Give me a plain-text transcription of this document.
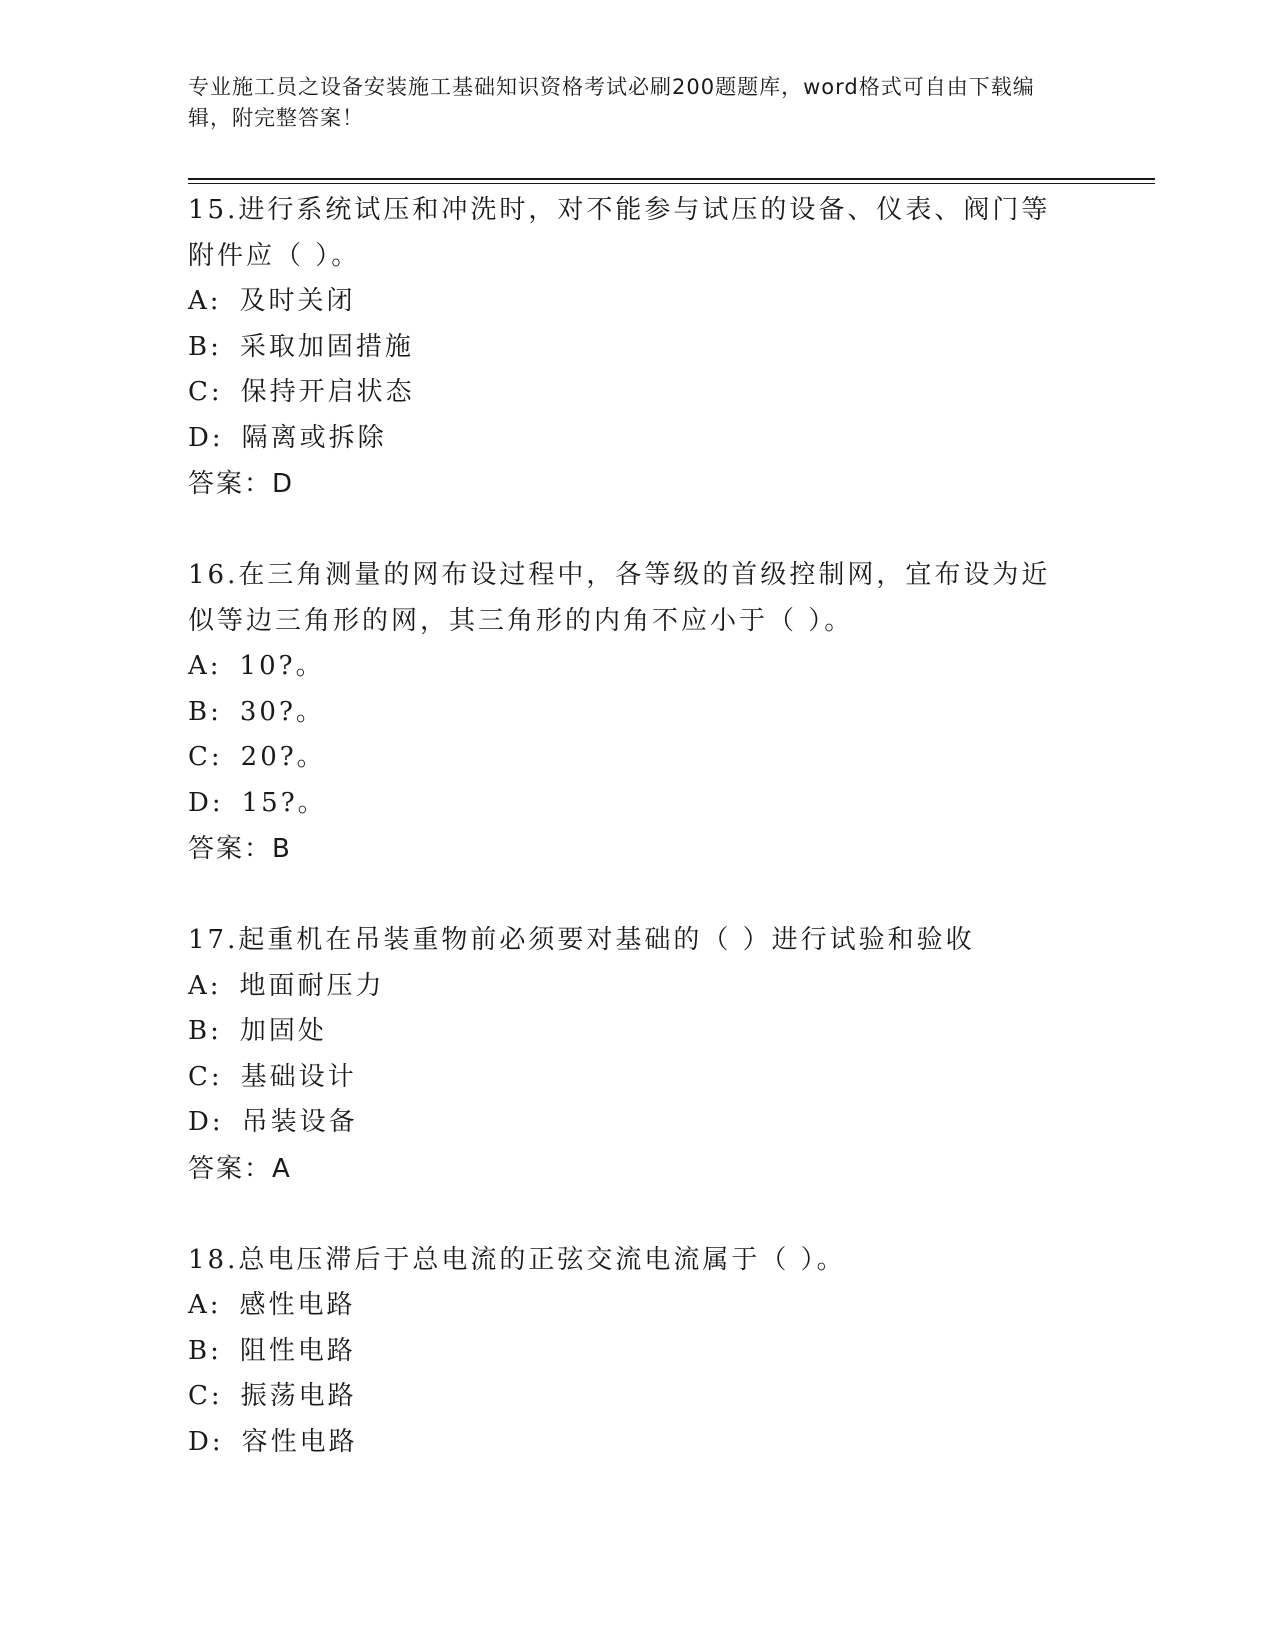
专业施工员之设备安装施工基础知识资格考试必刷200题题库，word格式可自由下载编辑，附完整答案！

15.进行系统试压和冲洗时，对不能参与试压的设备、仪表、阀门等附件应（ ）。

A: 及时关闭

B: 采取加固措施

C: 保持开启状态

D: 隔离或拆除

答案：D

16.在三角测量的网布设过程中，各等级的首级控制网，宜布设为近似等边三角形的网，其三角形的内角不应小于（ ）。

A: 10?。

B: 30?。

C: 20?。

D: 15?。

答案：B

17.起重机在吊装重物前必须要对基础的（ ）进行试验和验收

A: 地面耐压力

B: 加固处

C: 基础设计

D: 吊装设备

答案：A

18.总电压滞后于总电流的正弦交流电流属于（ ）。

A: 感性电路

B: 阻性电路

C: 振荡电路

D: 容性电路
